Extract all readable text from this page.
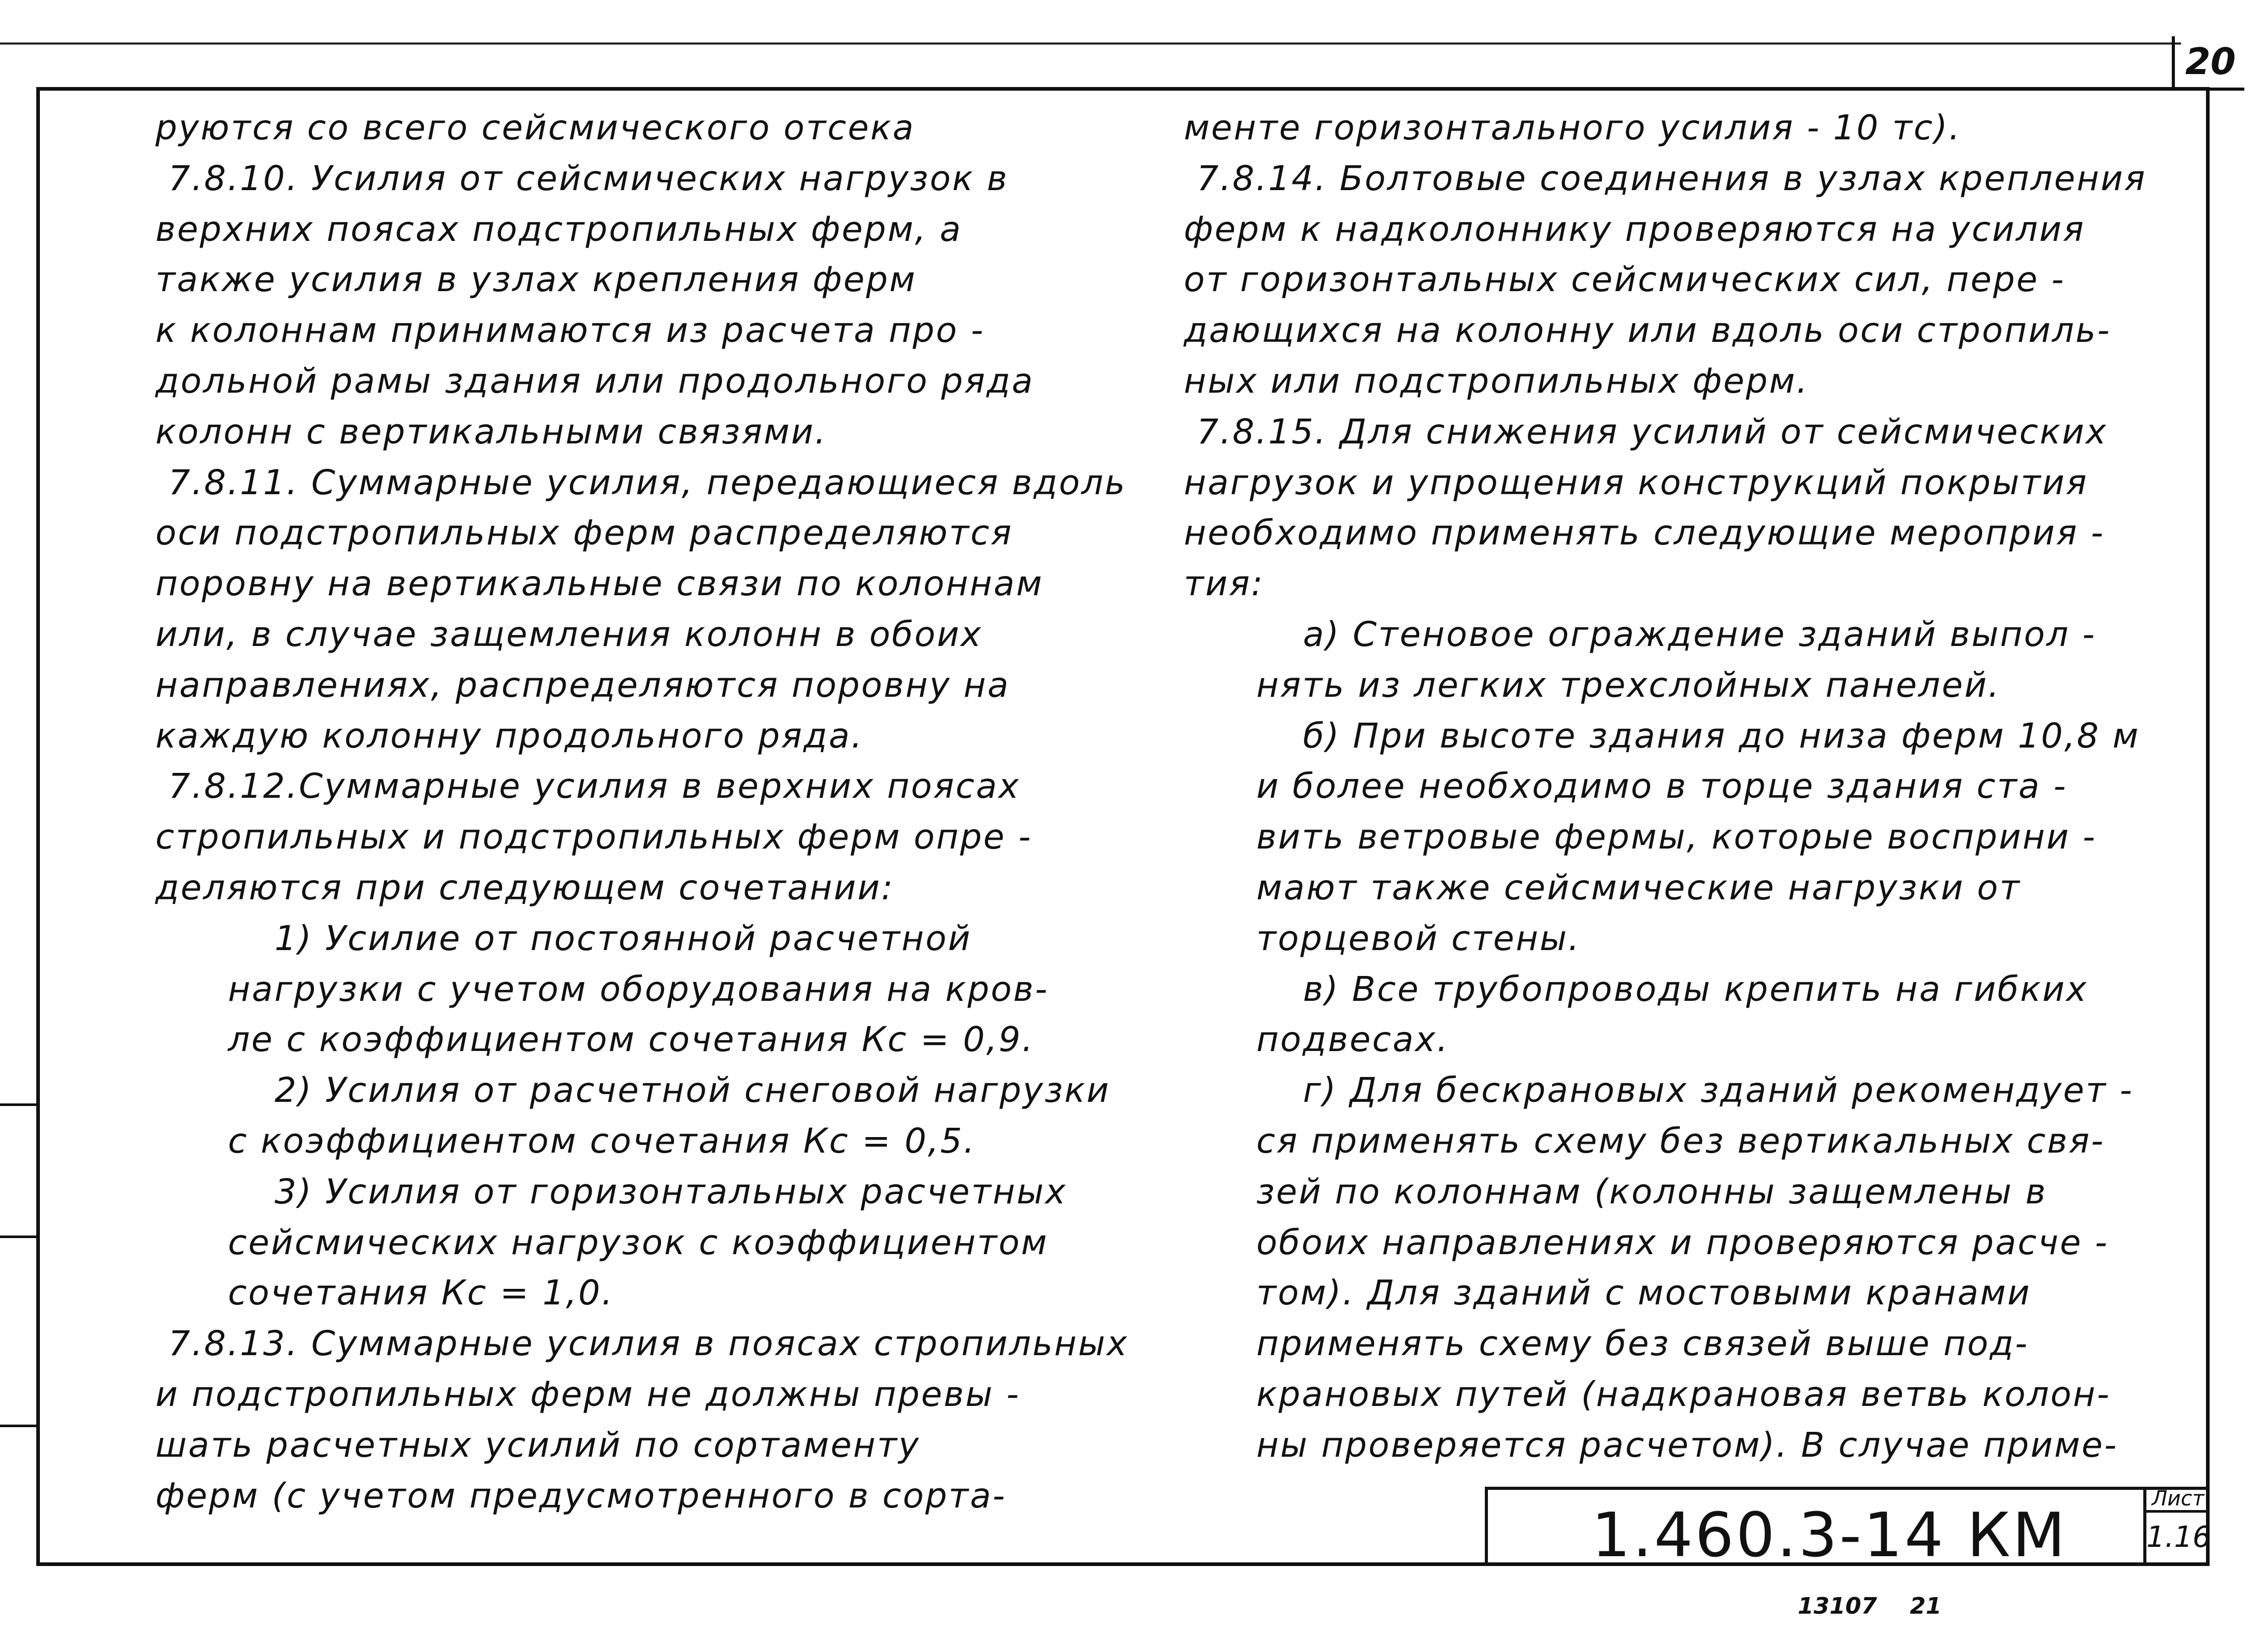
20
руются со всего сейсмического отсека
7.8.10. Усилия от сейсмических нагрузок в
верхних поясах подстропильных ферм, а
также усилия в узлах крепления ферм
к колоннам принимаются из расчета про -
дольной рамы здания или продольного ряда
колонн с вертикальными связями.
7.8.11. Суммарные усилия, передающиеся вдоль
оси подстропильных ферм распределяются
поровну на вертикальные связи по колоннам
или, в случае защемления колонн в обоих
направлениях, распределяются поровну на
каждую колонну продольного ряда.
7.8.12.Суммарные усилия в верхних поясах
стропильных и подстропильных ферм опре -
деляются при следующем сочетании:
1) Усилие от постоянной расчетной
нагрузки с учетом оборудования на кров-
ле с коэффициентом сочетания Кс = 0,9.
2) Усилия от расчетной снеговой нагрузки
с коэффициентом сочетания Кс = 0,5.
3) Усилия от горизонтальных расчетных
сейсмических нагрузок с коэффициентом
сочетания Кс = 1,0.
7.8.13. Суммарные усилия в поясах стропильных
и подстропильных ферм не должны превы -
шать расчетных усилий по сортаменту
ферм (с учетом предусмотренного в сорта-
менте горизонтального усилия - 10 тс).
7.8.14. Болтовые соединения в узлах крепления
ферм к надколоннику проверяются на усилия
от горизонтальных сейсмических сил, пере -
дающихся на колонну или вдоль оси стропиль-
ных или подстропильных ферм.
7.8.15. Для снижения усилий от сейсмических
нагрузок и упрощения конструкций покрытия
необходимо применять следующие мероприя -
тия:
а) Стеновое ограждение зданий выпол -
нять из легких трехслойных панелей.
б) При высоте здания до низа ферм 10,8 м
и более необходимо в торце здания ста -
вить ветровые фермы, которые восприни -
мают также сейсмические нагрузки от
торцевой стены.
в) Все трубопроводы крепить на гибких
подвесах.
г) Для бескрановых зданий рекомендует -
ся применять схему без вертикальных свя-
зей по колоннам (колонны защемлены в
обоих направлениях и проверяются расче -
том). Для зданий с мостовыми кранами
применять схему без связей выше под-
крановых путей (надкрановая ветвь колон-
ны проверяется расчетом). В случае приме-
1.460.3-14 КМ
Лист
1.16
13107 21
